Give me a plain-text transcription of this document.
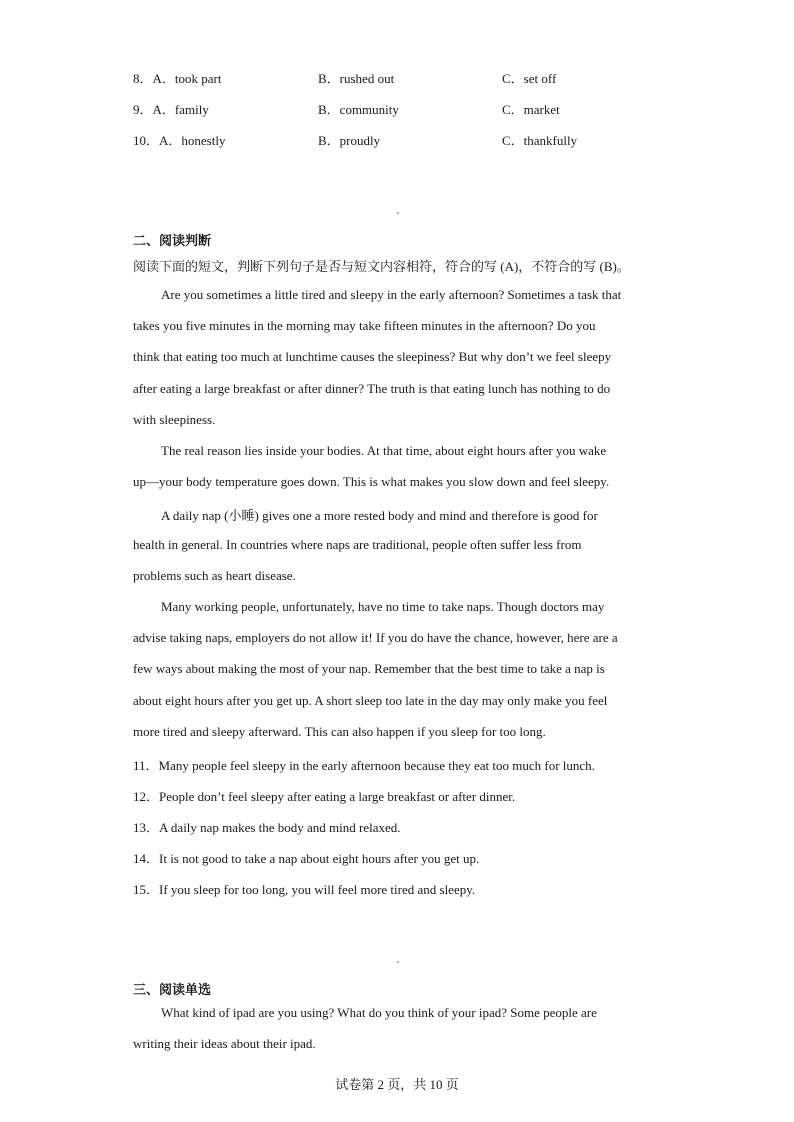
8．A．took part	B．rushed out	C．set off
9．A．family	B．community	C．market
10．A．honestly	B．proudly	C．thankfully
二、阅读判断
阅读下面的短文，判断下列句子是否与短文内容相符，符合的写 (A)，不符合的写 (B)。
Are you sometimes a little tired and sleepy in the early afternoon? Sometimes a task that
takes you five minutes in the morning may take fifteen minutes in the afternoon? Do you
think that eating too much at lunchtime causes the sleepiness? But why don’t we feel sleepy
after eating a large breakfast or after dinner? The truth is that eating lunch has nothing to do
with sleepiness.
The real reason lies inside your bodies. At that time, about eight hours after you wake
up—your body temperature goes down. This is what makes you slow down and feel sleepy.
A daily nap (小睡) gives one a more rested body and mind and therefore is good for
health in general. In countries where naps are traditional, people often suffer less from
problems such as heart disease.
Many working people, unfortunately, have no time to take naps. Though doctors may
advise taking naps, employers do not allow it! If you do have the chance, however, here are a
few ways about making the most of your nap. Remember that the best time to take a nap is
about eight hours after you get up. A short sleep too late in the day may only make you feel
more tired and sleepy afterward. This can also happen if you sleep for too long.
11．Many people feel sleepy in the early afternoon because they eat too much for lunch.
12．People don’t feel sleepy after eating a large breakfast or after dinner.
13．A daily nap makes the body and mind relaxed.
14．It is not good to take a nap about eight hours after you get up.
15．If you sleep for too long, you will feel more tired and sleepy.
三、阅读单选
What kind of ipad are you using? What do you think of your ipad? Some people are
writing their ideas about their ipad.
试卷第 2 页，共 10 页
